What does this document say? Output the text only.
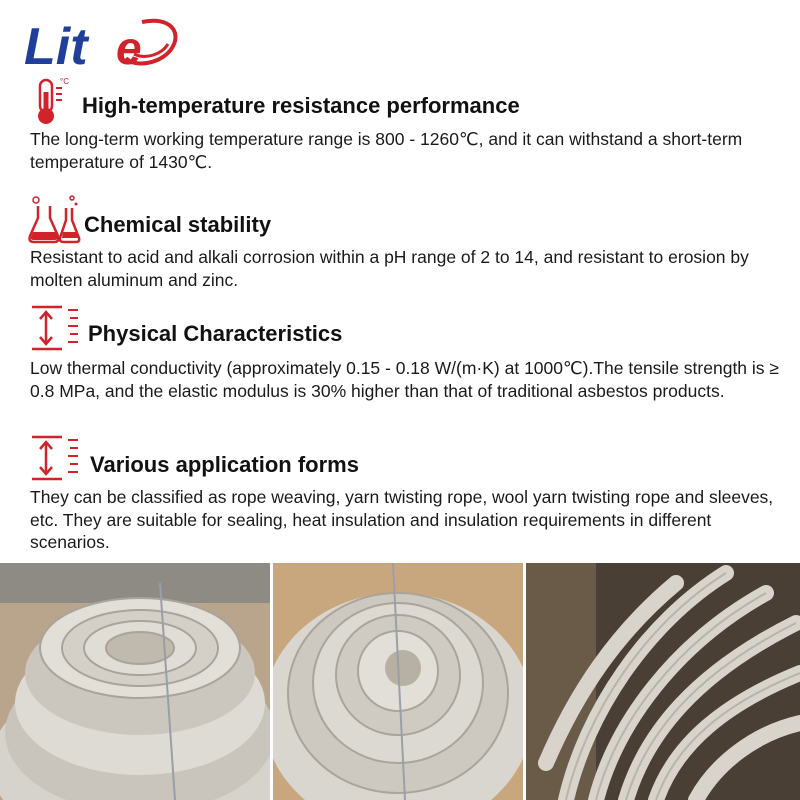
Lit e
°C
High-temperature resistance performance
The long-term working temperature range is 800 - 1260℃, and it can withstand a short-term temperature of 1430℃.
Chemical stability
Resistant to acid and alkali corrosion within a pH range of 2 to 14, and resistant to erosion by molten aluminum and zinc.
Physical Characteristics
Low thermal conductivity (approximately 0.15 - 0.18 W/(m·K) at 1000℃).The tensile strength is ≥ 0.8 MPa, and the elastic modulus is 30% higher than that of traditional asbestos products.
Various application forms
They can be classified as rope weaving, yarn twisting rope, wool yarn twisting rope and sleeves, etc. They are suitable for sealing, heat insulation and insulation requirements in different scenarios.
